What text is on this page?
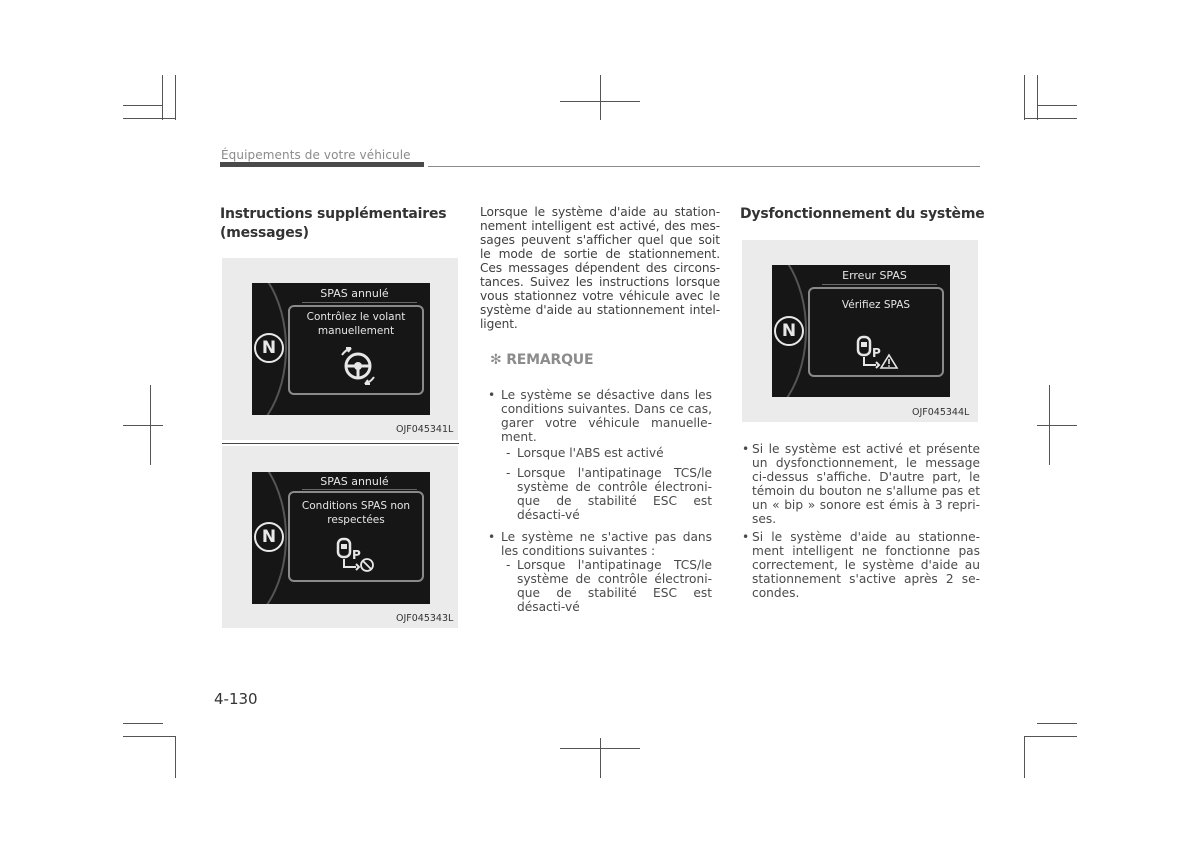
Équipements de votre véhicule
Instructions supplémentaires (messages)
N
SPAS annulé
Contrôlez le volant manuellement
OJF045341L
N
SPAS annulé
Conditions SPAS non respectées
P
OJF045343L
Lorsque le système d'aide au station-nement intelligent est activé, des mes-sages peuvent s'afficher quel que soit le mode de sortie de stationnement. Ces messages dépendent des circons-tances. Suivez les instructions lorsque vous stationnez votre véhicule avec le système d'aide au stationnement intel-ligent.
✻ REMARQUE
• Le système se désactive dans les conditions suivantes. Dans ce cas, garer votre véhicule manuelle-ment.
- Lorsque l'ABS est activé
- Lorsque l'antipatinage TCS/le système de contrôle électroni-que de stabilité ESC est désacti-vé
• Le système ne s'active pas dans les conditions suivantes :
- Lorsque l'antipatinage TCS/le système de contrôle électroni-que de stabilité ESC est désacti-vé
Dysfonctionnement du système
N
Erreur SPAS
Vérifiez SPAS
P
OJF045344L
• Si le système est activé et présente un dysfonctionnement, le message ci-dessus s'affiche. D'autre part, le témoin du bouton ne s'allume pas et un « bip » sonore est émis à 3 repri-ses.
• Si le système d'aide au stationne-ment intelligent ne fonctionne pas correctement, le système d'aide au stationnement s'active après 2 se-condes.
4-130
